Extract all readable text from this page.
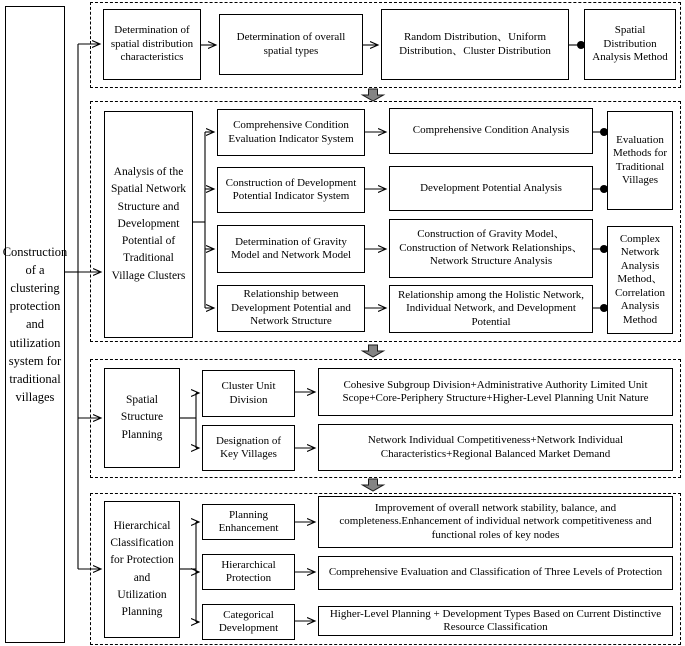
Construction of a clustering protection and utilization system for traditional villages
Determination of spatial distribution characteristics
Determination of overall spatial types
Random Distribution、Uniform Distribution、Cluster Distribution
Spatial Distribution Analysis Method
Analysis of the Spatial Network Structure and Development Potential of Traditional Village Clusters
Comprehensive Condition Evaluation Indicator System
Construction of Development Potential Indicator System
Determination of Gravity Model and Network Model
Relationship between Development Potential and Network Structure
Comprehensive Condition Analysis
Development Potential Analysis
Construction of Gravity Model、Construction of Network Relationships、 Network Structure Analysis
Relationship among the Holistic Network, Individual Network, and Development Potential
Evaluation Methods for Traditional Villages
Complex Network Analysis Method、Correlation Analysis Method
Spatial Structure Planning
Cluster Unit Division
Designation of Key Villages
Cohesive Subgroup Division+Administrative Authority Limited Unit Scope+Core-Periphery Structure+Higher-Level Planning Unit Nature
Network Individual Competitiveness+Network Individual Characteristics+Regional Balanced Market Demand
Hierarchical Classification for Protection and Utilization Planning
Planning Enhancement
Hierarchical Protection
Categorical Development
Improvement of overall network stability, balance, and completeness.Enhancement of individual network competitiveness and functional roles of key nodes
Comprehensive Evaluation and Classification of Three Levels of Protection
Higher-Level Planning + Development Types Based on Current Distinctive Resource Classification
